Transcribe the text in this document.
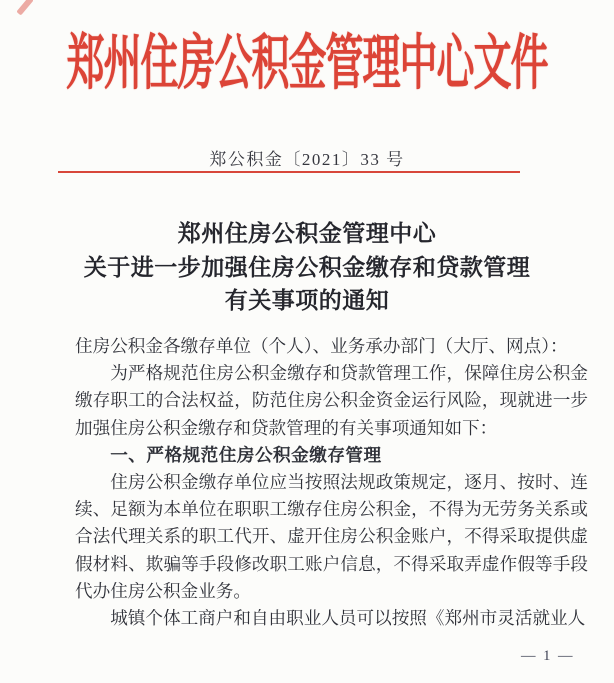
郑州住房公积金管理中心文件
郑公积金〔2021〕33 号
郑州住房公积金管理中心
关于进一步加强住房公积金缴存和贷款管理
有关事项的通知

住房公积金各缴存单位（个人）、业务承办部门（大厅、网点）：

为严格规范住房公积金缴存和贷款管理工作，保障住房公积金缴存职工的合法权益，防范住房公积金资金运行风险，现就进一步加强住房公积金缴存和贷款管理的有关事项通知如下：

一、严格规范住房公积金缴存管理

住房公积金缴存单位应当按照法规政策规定，逐月、按时、连续、足额为本单位在职职工缴存住房公积金，不得为无劳务关系或合法代理关系的职工代开、虚开住房公积金账户，不得采取提供虚假材料、欺骗等手段修改职工账户信息，不得采取弄虚作假等手段代办住房公积金业务。

城镇个体工商户和自由职业人员可以按照《郑州市灵活就业人

— 1 —
